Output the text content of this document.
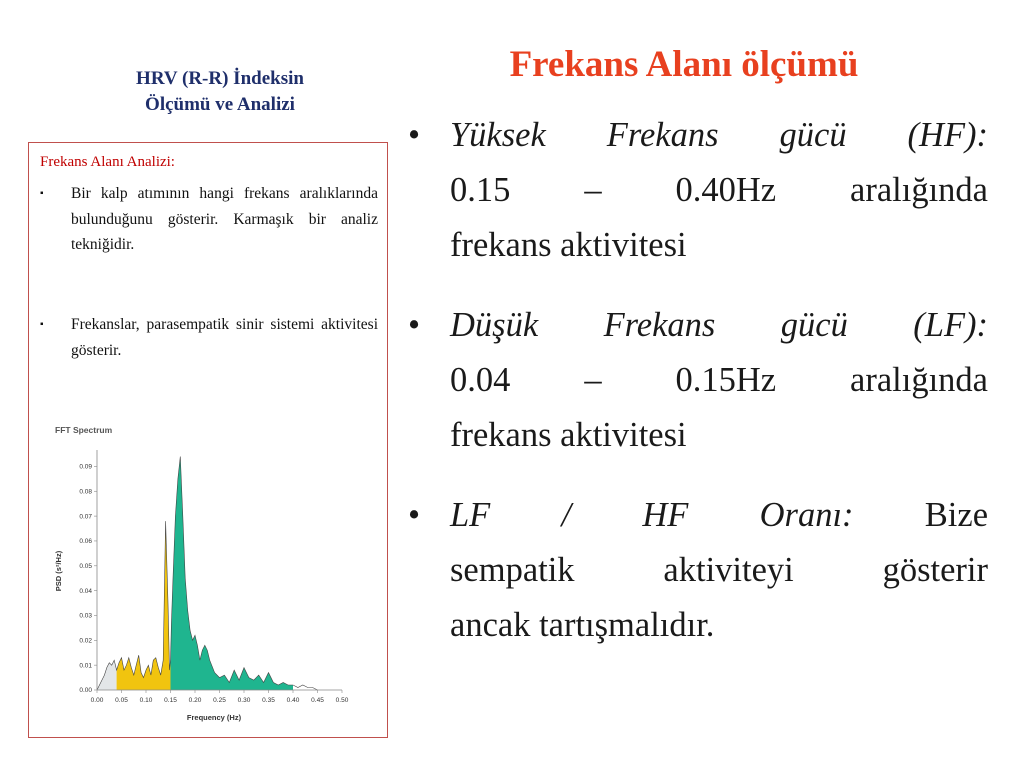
HRV (R-R) İndeksin
Ölçümü ve Analizi
Frekans Alanı Analizi:
▪ Bir kalp atımının hangi frekans aralıklarında bulunduğunu gösterir. Karmaşık bir analiz tekniğidir.
▪ Frekanslar, parasempatik sinir sistemi aktivitesi gösterir.
FFT Spectrum
0.00 0.05 0.10 0.15 0.20 0.25 0.30 0.35 0.40 0.45 0.50
0.00
0.01
0.02
0.03
0.04
0.05
0.06
0.07
0.08
0.09
Frequency (Hz)
PSD (s²/Hz)
Frekans Alanı ölçümü
• Yüksek Frekans gücü (HF):
0.15 – 0.40Hz aralığında
frekans aktivitesi
• Düşük Frekans gücü (LF):
0.04 – 0.15Hz aralığında
frekans aktivitesi
• LF / HF Oranı: Bize
sempatik aktiviteyi gösterir
ancak tartışmalıdır.
